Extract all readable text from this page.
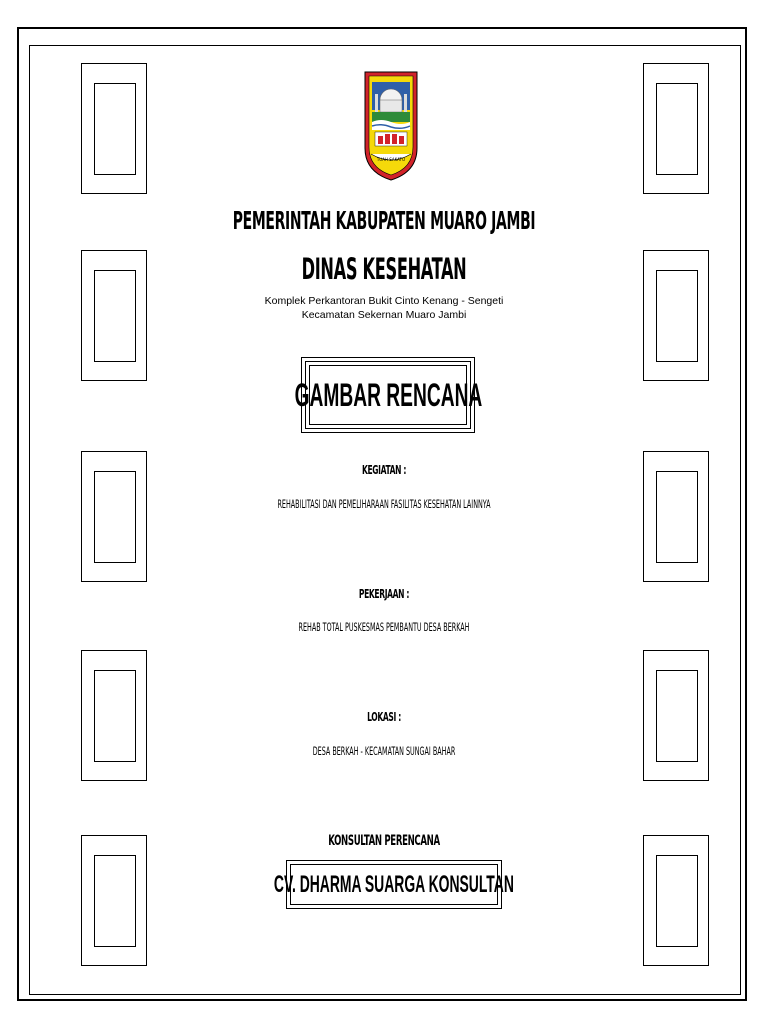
TUAH SAKATO
PEMERINTAH KABUPATEN MUARO JAMBI
DINAS KESEHATAN
Komplek Perkantoran Bukit Cinto Kenang - Sengeti
Kecamatan Sekernan Muaro Jambi
GAMBAR RENCANA
KEGIATAN :
REHABILITASI DAN PEMELIHARAAN FASILITAS KESEHATAN LAINNYA
PEKERJAAN :
REHAB TOTAL PUSKESMAS PEMBANTU DESA BERKAH
LOKASI :
DESA BERKAH - KECAMATAN SUNGAI BAHAR
KONSULTAN PERENCANA
CV. DHARMA SUARGA KONSULTAN
